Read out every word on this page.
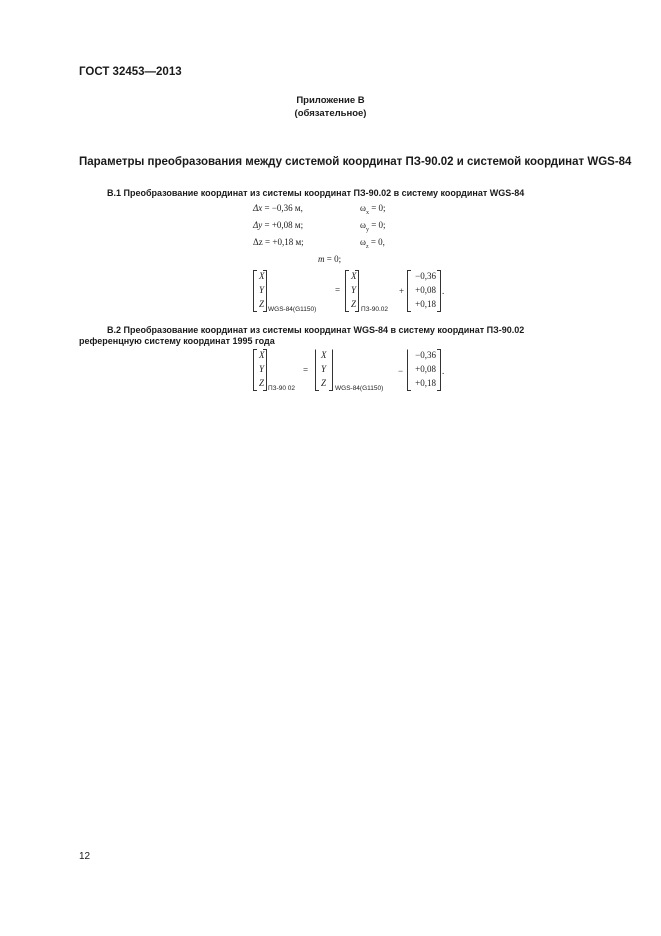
ГОСТ 32453—2013
Приложение В
(обязательное)
Параметры преобразования между системой координат ПЗ-90.02 и системой координат WGS-84
В.1 Преобразование координат из системы координат ПЗ-90.02 в систему координат WGS-84
Δx = −0,36 м,
Δy = +0,08 м;
Δz = +0,18 м;
$\omega_x = 0$;
$\omega_y = 0$;
$\omega_z = 0$,
m = 0;
X
Y
Z
WGS-84(G1150)
=
X
Y
Z
ПЗ-90.02
+
−0,36
+0,08
+0,18
.
В.2 Преобразование координат из системы координат WGS-84 в систему координат ПЗ-90.02
референцную систему координат 1995 года
X
Y
Z
ПЗ-90 02
=
X
Y
Z
WGS-84(G1150)
−
−0,36
+0,08
+0,18
.
12
